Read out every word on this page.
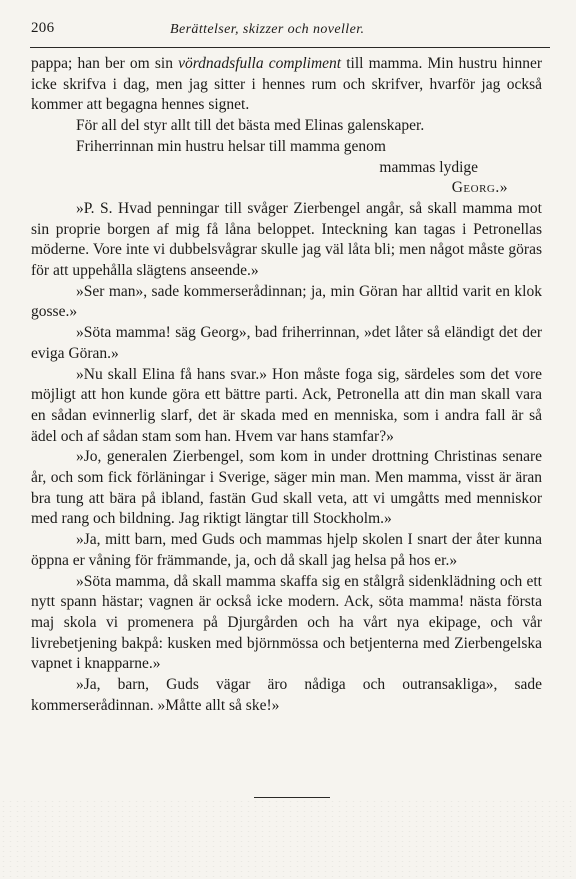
206	Berättelser, skizzer och noveller.

pappa; han ber om sin vördnadsfulla compliment till mamma. Min hustru hinner icke skrifva i dag, men jag sitter i hennes rum och skrifver, hvarför jag också kommer att begagna hennes signet.

För all del styr allt till det bästa med Elinas galenskaper.

Friherrinnan min hustru helsar till mamma genom

mammas lydige

Georg.»

»P. S. Hvad penningar till svåger Zierbengel angår, så skall mamma mot sin proprie borgen af mig få låna beloppet. Inteckning kan tagas i Petronellas möderne. Vore inte vi dubbelsvågrar skulle jag väl låta bli; men något måste göras för att uppehålla slägtens anseende.»

»Ser man», sade kommerserådinnan; ja, min Göran har alltid varit en klok gosse.»

»Söta mamma! säg Georg», bad friherrinnan, »det låter så eländigt det der eviga Göran.»

»Nu skall Elina få hans svar.» Hon måste foga sig, särdeles som det vore möjligt att hon kunde göra ett bättre parti. Ack, Petronella att din man skall vara en sådan evinnerlig slarf, det är skada med en menniska, som i andra fall är så ädel och af sådan stam som han. Hvem var hans stamfar?»

»Jo, generalen Zierbengel, som kom in under drottning Christinas senare år, och som fick förläningar i Sverige, säger min man. Men mamma, visst är äran bra tung att bära på ibland, fastän Gud skall veta, att vi umgåtts med menniskor med rang och bildning. Jag riktigt längtar till Stockholm.»

»Ja, mitt barn, med Guds och mammas hjelp skolen I snart der åter kunna öppna er våning för främmande, ja, och då skall jag helsa på hos er.»

»Söta mamma, då skall mamma skaffa sig en stålgrå sidenklädning och ett nytt spann hästar; vagnen är också icke modern. Ack, söta mamma! nästa första maj skola vi promenera på Djurgården och ha vårt nya ekipage, och vår livrebetjening bakpå: kusken med björnmössa och betjenterna med Zierbengelska vapnet i knapparne.»

»Ja, barn, Guds vägar äro nådiga och outransakliga», sade kommerserådinnan. »Måtte allt så ske!»
